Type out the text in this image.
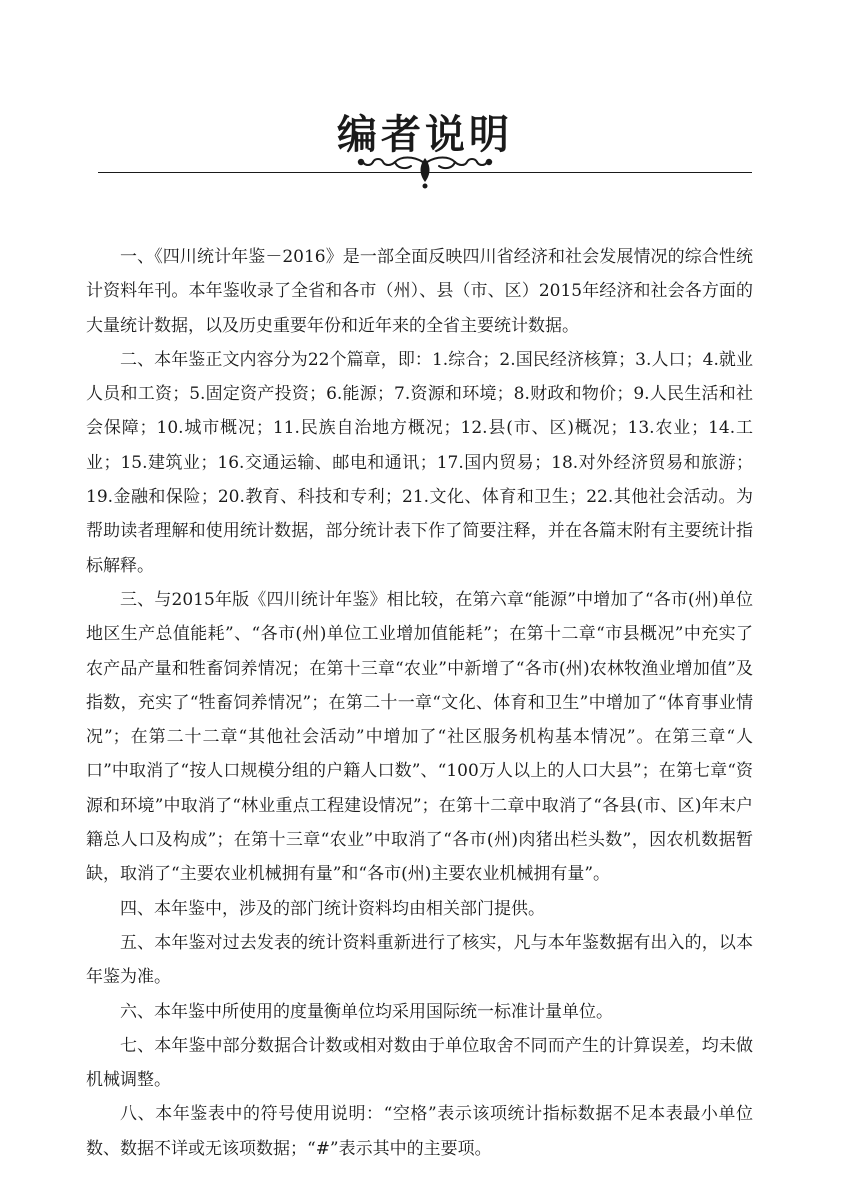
编者说明

一、《四川统计年鉴－2016》是一部全面反映四川省经济和社会发展情况的综合性统计资料年刊。本年鉴收录了全省和各市（州）、县（市、区）2015年经济和社会各方面的大量统计数据，以及历史重要年份和近年来的全省主要统计数据。

二、本年鉴正文内容分为22个篇章，即：1.综合；2.国民经济核算；3.人口；4.就业人员和工资；5.固定资产投资；6.能源；7.资源和环境；8.财政和物价；9.人民生活和社会保障；10.城市概况；11.民族自治地方概况；12.县(市、区)概况；13.农业；14.工业；15.建筑业；16.交通运输、邮电和通讯；17.国内贸易；18.对外经济贸易和旅游；19.金融和保险；20.教育、科技和专利；21.文化、体育和卫生；22.其他社会活动。为帮助读者理解和使用统计数据，部分统计表下作了简要注释，并在各篇末附有主要统计指标解释。

三、与2015年版《四川统计年鉴》相比较，在第六章“能源”中增加了“各市(州)单位地区生产总值能耗”、“各市(州)单位工业增加值能耗”；在第十二章“市县概况”中充实了农产品产量和牲畜饲养情况；在第十三章“农业”中新增了“各市(州)农林牧渔业增加值”及指数，充实了“牲畜饲养情况”；在第二十一章“文化、体育和卫生”中增加了“体育事业情况”；在第二十二章“其他社会活动”中增加了“社区服务机构基本情况”。在第三章“人口”中取消了“按人口规模分组的户籍人口数”、“100万人以上的人口大县”；在第七章“资源和环境”中取消了“林业重点工程建设情况”；在第十二章中取消了“各县(市、区)年末户籍总人口及构成”；在第十三章“农业”中取消了“各市(州)肉猪出栏头数”，因农机数据暂缺，取消了“主要农业机械拥有量”和“各市(州)主要农业机械拥有量”。

四、本年鉴中，涉及的部门统计资料均由相关部门提供。

五、本年鉴对过去发表的统计资料重新进行了核实，凡与本年鉴数据有出入的，以本年鉴为准。

六、本年鉴中所使用的度量衡单位均采用国际统一标准计量单位。

七、本年鉴中部分数据合计数或相对数由于单位取舍不同而产生的计算误差，均未做机械调整。

八、本年鉴表中的符号使用说明：“空格”表示该项统计指标数据不足本表最小单位数、数据不详或无该项数据；“#”表示其中的主要项。
